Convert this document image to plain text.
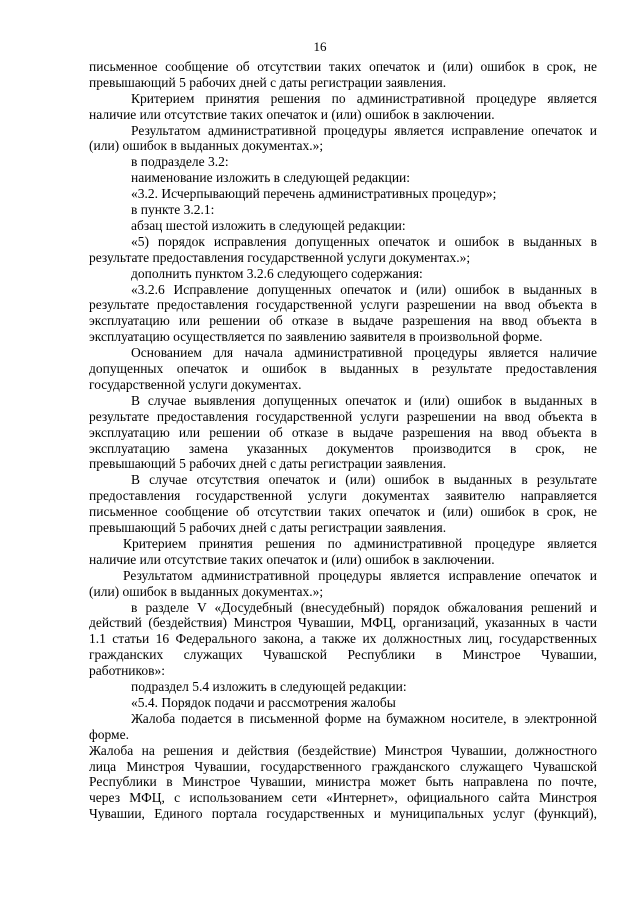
16
письменное сообщение об отсутствии таких опечаток и (или) ошибок в срок, не
превышающий 5 рабочих дней с даты регистрации заявления.
Критерием принятия решения по административной процедуре является
наличие или отсутствие таких опечаток и (или) ошибок в заключении.
Результатом административной процедуры является исправление опечаток и
(или) ошибок в выданных документах.»;
в подразделе 3.2:
наименование изложить в следующей редакции:
«3.2. Исчерпывающий перечень административных процедур»;
в пункте 3.2.1:
абзац шестой изложить в следующей редакции:
«5) порядок исправления допущенных опечаток и ошибок в выданных в
результате предоставления государственной услуги документах.»;
дополнить пунктом 3.2.6 следующего содержания:
«3.2.6 Исправление допущенных опечаток и (или) ошибок в выданных в
результате предоставления государственной услуги разрешении на ввод объекта в
эксплуатацию или решении об отказе в выдаче разрешения на ввод объекта в
эксплуатацию осуществляется по заявлению заявителя в произвольной форме.
Основанием для начала административной процедуры является наличие
допущенных опечаток и ошибок в выданных в результате предоставления
государственной услуги документах.
В случае выявления допущенных опечаток и (или) ошибок в выданных в
результате предоставления государственной услуги разрешении на ввод объекта в
эксплуатацию или решении об отказе в выдаче разрешения на ввод объекта в
эксплуатацию замена указанных документов производится в срок, не
превышающий 5 рабочих дней с даты регистрации заявления.
В случае отсутствия опечаток и (или) ошибок в выданных в результате
предоставления государственной услуги документах заявителю направляется
письменное сообщение об отсутствии таких опечаток и (или) ошибок в срок, не
превышающий 5 рабочих дней с даты регистрации заявления.
Критерием принятия решения по административной процедуре является
наличие или отсутствие таких опечаток и (или) ошибок в заключении.
Результатом административной процедуры является исправление опечаток и
(или) ошибок в выданных документах.»;
в разделе V «Досудебный (внесудебный) порядок обжалования решений и
действий (бездействия) Минстроя Чувашии, МФЦ, организаций, указанных в части
1.1 статьи 16 Федерального закона, а также их должностных лиц, государственных
гражданских служащих Чувашской Республики в Минстрое Чувашии,
работников»:
подраздел 5.4 изложить в следующей редакции:
«5.4. Порядок подачи и рассмотрения жалобы
Жалоба подается в письменной форме на бумажном носителе, в электронной
форме.
Жалоба на решения и действия (бездействие) Минстроя Чувашии, должностного
лица Минстроя Чувашии, государственного гражданского служащего Чувашской
Республики в Минстрое Чувашии, министра может быть направлена по почте,
через МФЦ, с использованием сети «Интернет», официального сайта Минстроя
Чувашии, Единого портала государственных и муниципальных услуг (функций),
